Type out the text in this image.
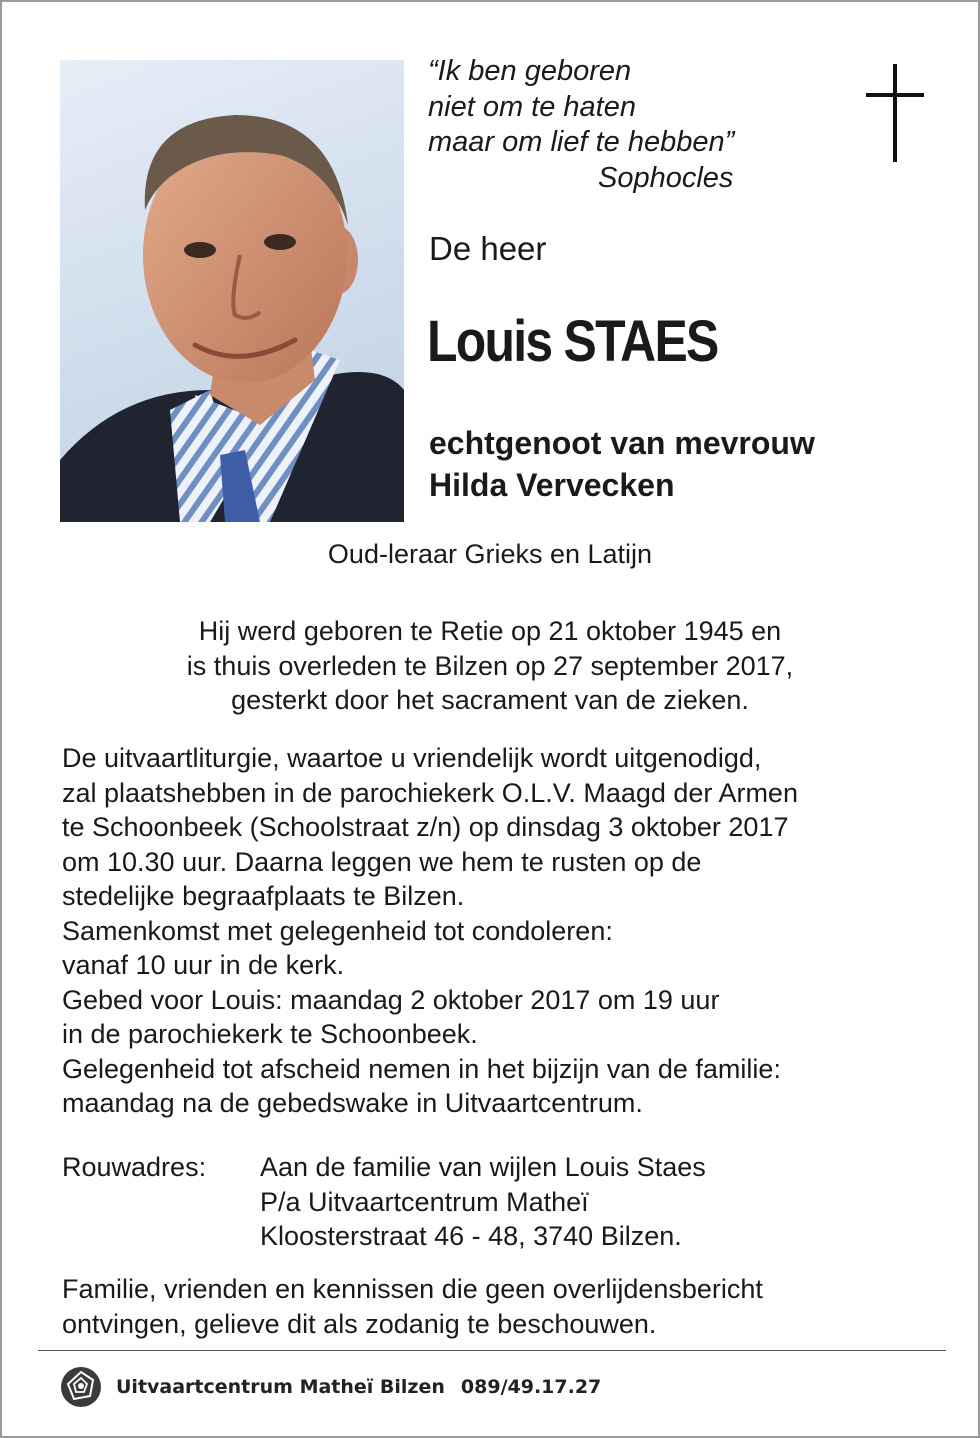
“Ik ben geboren
niet om te haten
maar om lief te hebben”
Sophocles
De heer
Louis STAES
echtgenoot van mevrouw
Hilda Vervecken
Oud-leraar Grieks en Latijn
Hij werd geboren te Retie op 21 oktober 1945 en
is thuis overleden te Bilzen op 27 september 2017,
gesterkt door het sacrament van de zieken.
De uitvaartliturgie, waartoe u vriendelijk wordt uitgenodigd,
zal plaatshebben in de parochiekerk O.L.V. Maagd der Armen
te Schoonbeek (Schoolstraat z/n) op dinsdag 3 oktober 2017
om 10.30 uur. Daarna leggen we hem te rusten op de
stedelijke begraafplaats te Bilzen.
Samenkomst met gelegenheid tot condoleren:
vanaf 10 uur in de kerk.
Gebed voor Louis: maandag 2 oktober 2017 om 19 uur
in de parochiekerk te Schoonbeek.
Gelegenheid tot afscheid nemen in het bijzijn van de familie:
maandag na de gebedswake in Uitvaartcentrum.
Rouwadres: Aan de familie van wijlen Louis Staes
P/a Uitvaartcentrum Matheï
Kloosterstraat 46 - 48, 3740 Bilzen.
Familie, vrienden en kennissen die geen overlijdensbericht
ontvingen, gelieve dit als zodanig te beschouwen.
Uitvaartcentrum Matheï Bilzen 089/49.17.27
